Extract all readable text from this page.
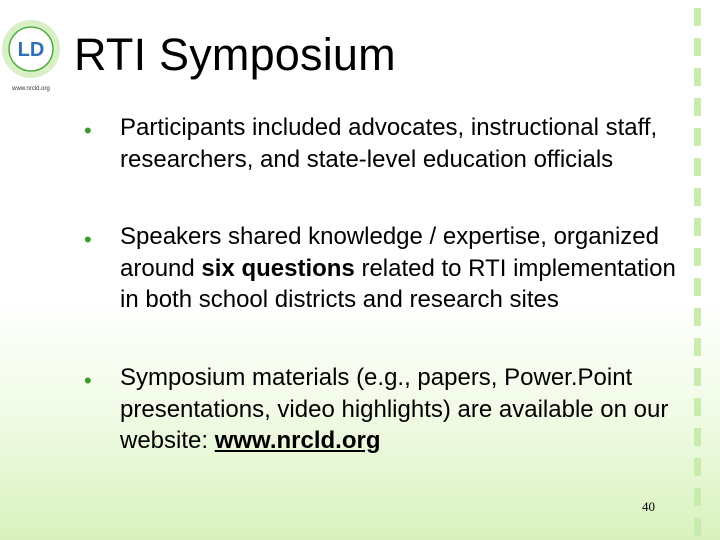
LD
www.nrcld.org
RTI Symposium
• Participants included advocates, instructional staff, researchers, and state-level education officials
• Speakers shared knowledge / expertise, organized around six questions related to RTI implementation in both school districts and research sites
• Symposium materials (e.g., papers, Power.Point presentations, video highlights) are available on our website: www.nrcld.org
40
